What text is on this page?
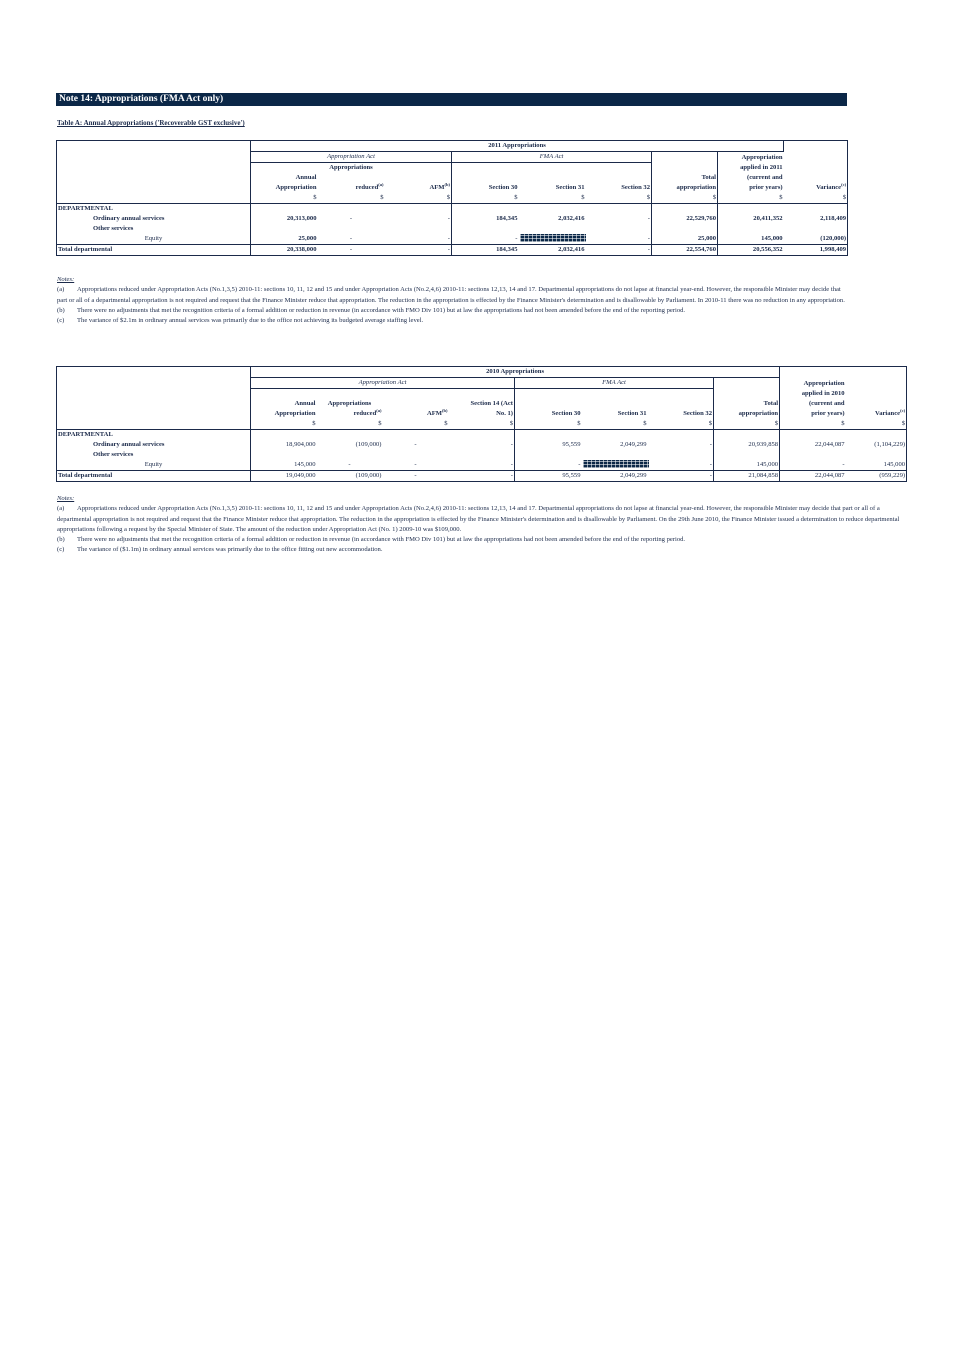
Note 14: Appropriations (FMA Act only)
Table A: Annual Appropriations ('Recoverable GST exclusive')
	2011 Appropriations								
	Appropriation Act			FMA Act				Appropriation	
		Appropriations						applied in 2011	
	Annual						Total	(current and	
	Appropriation	reduced$^{(a)}$	AFM$^{(b)}$	Section 30	Section 31	Section 32	appropriation	prior years)	Variance$^{(c)}$
	$	$	$	$	$	$	$	$	$
DEPARTMENTAL									
Ordinary annual services	20,313,000	-	-	184,345	2,032,416	-	22,529,760	20,411,352	2,118,409
Other services									
Equity	25,000	-	-	-		-	25,000	145,000	(120,000)
Total departmental	20,338,000	-	-	184,345	2,032,416	-	22,554,760	20,556,352	1,998,409

Notes:

(a) Appropriations reduced under Appropriation Acts (No.1,3,5) 2010-11: sections 10, 11, 12 and 15 and under Appropriation Acts (No.2,4,6) 2010-11: sections 12,13, 14 and 17. Departmental appropriations do not lapse at financial year-end. However, the responsible Minister may decide that part or all of a departmental appropriation is not required and request that the Finance Minister reduce that appropriation. The reduction in the appropriation is effected by the Finance Minister's determination and is disallowable by Parliament. In 2010-11 there was no reduction in any appropriation.

(b) There were no adjustments that met the recognition criteria of a formal addition or reduction in revenue (in accordance with FMO Div 101) but at law the appropriations had not been amended before the end of the reporting period.

(c) The variance of $2.1m in ordinary annual services was primarily due to the office not achieving its budgeted average staffing level.

	2010 Appropriations									
	Appropriation Act				FMA Act				Appropriation	
									applied in 2010	
	Annual	Appropriations		Section 14 (Act				Total	(current and	
	Appropriation	reduced$^{(a)}$	AFM$^{(b)}$	No. 1)	Section 30	Section 31	Section 32	appropriation	prior years)	Variance$^{(c)}$
	$	$	$	$	$	$	$	$	$	$
DEPARTMENTAL										
Ordinary annual services	18,904,000	(109,000)	-	-	95,559	2,049,299	-	20,939,858	22,044,087	(1,104,229)
Other services										
Equity	145,000	-	-	-	-		-	145,000	-	145,000
Total departmental	19,049,000	(109,000)	-	-	95,559	2,049,299	-	21,084,858	22,044,087	(959,229)

Notes:

(a) Appropriations reduced under Appropriation Acts (No.1,3,5) 2010-11: sections 10, 11, 12 and 15 and under Appropriation Acts (No.2,4,6) 2010-11: sections 12,13, 14 and 17. Departmental appropriations do not lapse at financial year-end. However, the responsible Minister may decide that part or all of a departmental appropriation is not required and request that the Finance Minister reduce that appropriation. The reduction in the appropriation is effected by the Finance Minister's determination and is disallowable by Parliament. On the 29th June 2010, the Finance Minister issued a determination to reduce departmental appropriations following a request by the Special Minister of State. The amount of the reduction under Appropriation Act (No. 1) 2009-10 was $109,000.

(b) There were no adjustments that met the recognition criteria of a formal addition or reduction in revenue (in accordance with FMO Div 101) but at law the appropriations had not been amended before the end of the reporting period.

(c) The variance of ($1.1m) in ordinary annual services was primarily due to the office fitting out new accommodation.
